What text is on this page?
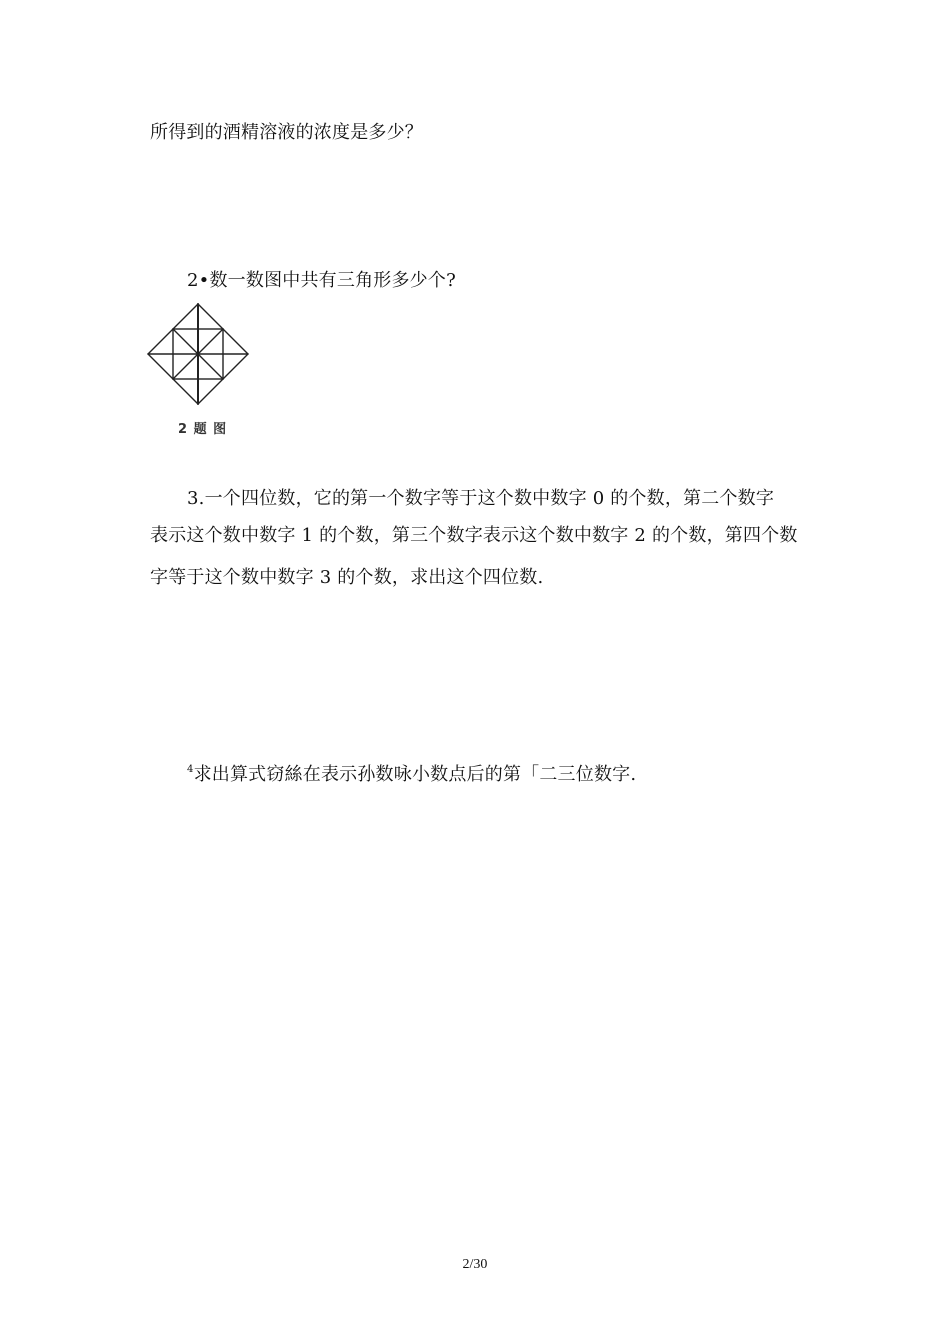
所得到的酒精溶液的浓度是多少？
2•数一数图中共有三角形多少个?
2 题 图
3.一个四位数，它的第一个数字等于这个数中数字 0 的个数，第二个数字
表示这个数中数字 1 的个数，第三个数字表示这个数中数字 2 的个数，第四个数
字等于这个数中数字 3 的个数，求出这个四位数.
$^4$求出算式窃絲在表示孙数咏小数点后的第「二三位数字.
2/30
